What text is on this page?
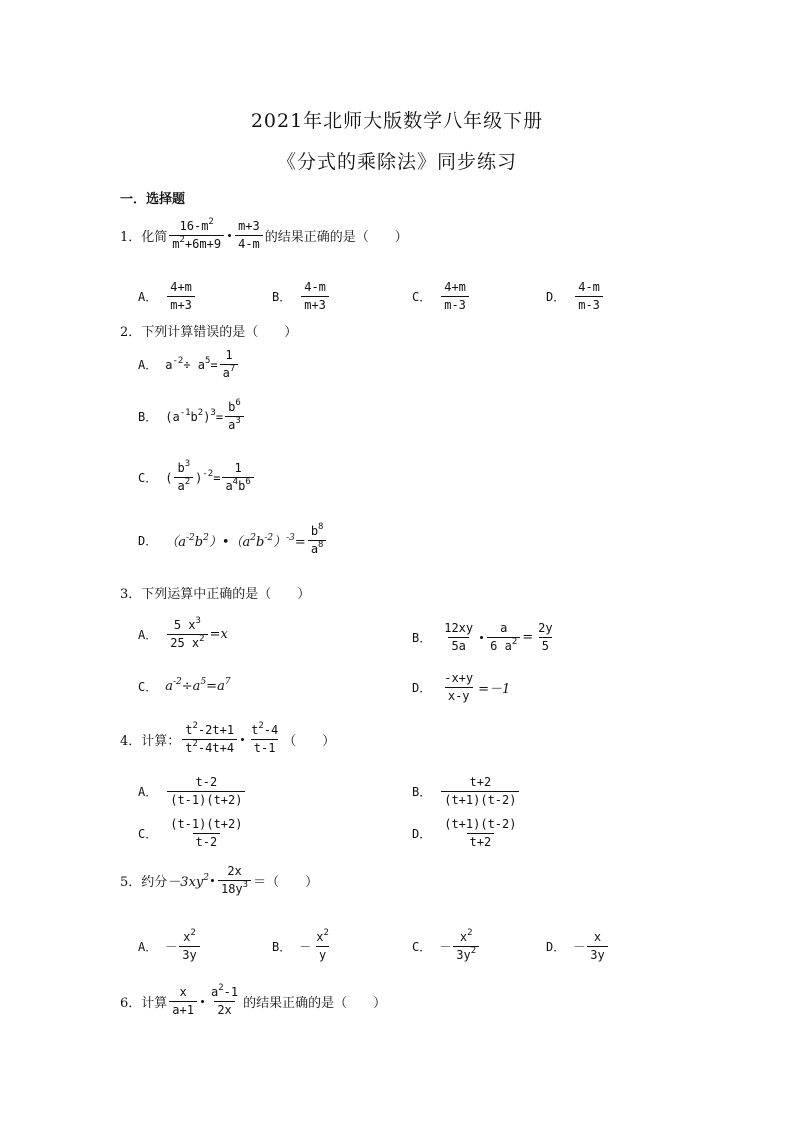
2021年北师大版数学八年级下册
《分式的乘除法》同步练习
一．选择题
1． 化简 $\frac{16-m^2}{m^2+6m+9} \frac{m+3}{4-m}$ 的结果正确的是（　　）
A． $\frac{4+m}{m+3}$	B． $\frac{4-m}{m+3}$	C． $\frac{4+m}{m-3}$	D． $\frac{4-m}{m-3}$
2．下列计算错误的是（　　）
A． $a^{-2}\div a^5= \frac{1}{a^7}$
B． $(a^{-1}b^2)^3= \frac{b^6}{a^3}$
C． ( $\frac{b^3}{a^2} )^{-2}= \frac{1}{a^4b^6}$
D． $(a^{-2}b^2)•(a^2b^{-2})^{-3}= \frac{b^8}{a^8}$
3．下列运算中正确的是（　　）
A． $\frac{5 x^3}{25 x^2} =x$	B． $\frac{12xy}{5a} \frac{a}{6 a^2} = \frac{2y}{5}$
C． $a^{-2}\div a^5=a^7$	D． $\frac{-x+y}{x-y} =-1$
4． 计算： $\frac{t^2-2t+1}{t^2-4t+4} \frac{t^2-4}{t-1}$ （　　）
A． $\frac{t-2}{(t-1)(t+2)}$	B． $\frac{t+2}{(t+1)(t-2)}$
C． $\frac{(t-1)(t+2)}{t-2}$	D． $\frac{(t+1)(t-2)}{t+2}$
5． 约分 $-3xy^2 \frac{2x}{18y^3}$ ＝（　　）
A． － $\frac{x^2}{3y}$	B． － $\frac{x^2}{y}$	C． － $\frac{x^2}{3y^2}$	D． － $\frac{x}{3y}$
6． 计算 $\frac{x}{a+1} \frac{a^2-1}{2x}$ 的结果正确的是（　　）
